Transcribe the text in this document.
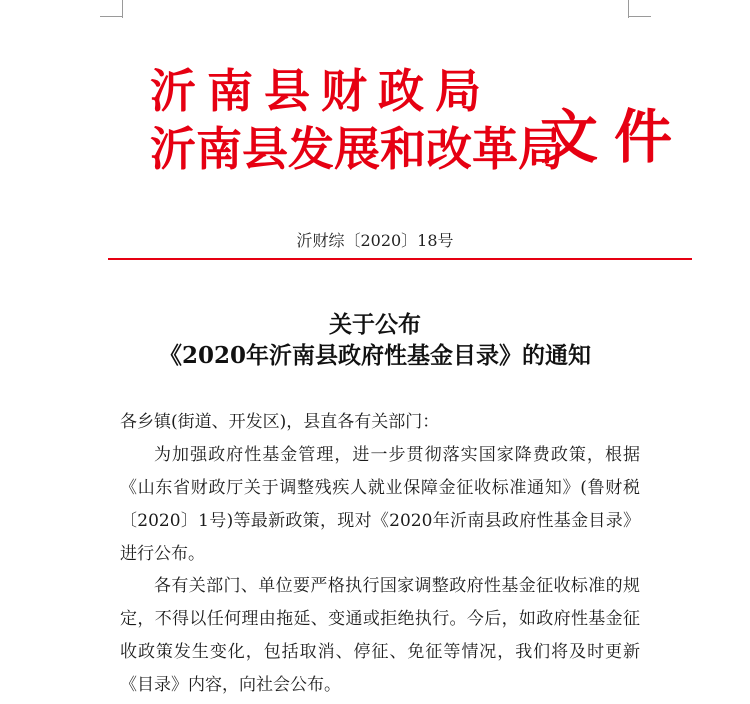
沂南县财政局
沂南县发展和改革局
文件
沂财综〔2020〕18号
关于公布
《2020年沂南县政府性基金目录》的通知
各乡镇(街道、开发区)，县直各有关部门：
为加强政府性基金管理，进一步贯彻落实国家降费政策，根据《山东省财政厅关于调整残疾人就业保障金征收标准通知》(鲁财税〔2020〕1号)等最新政策，现对《2020年沂南县政府性基金目录》进行公布。
各有关部门、单位要严格执行国家调整政府性基金征收标准的规定，不得以任何理由拖延、变通或拒绝执行。今后，如政府性基金征收政策发生变化，包括取消、停征、免征等情况，我们将及时更新《目录》内容，向社会公布。
